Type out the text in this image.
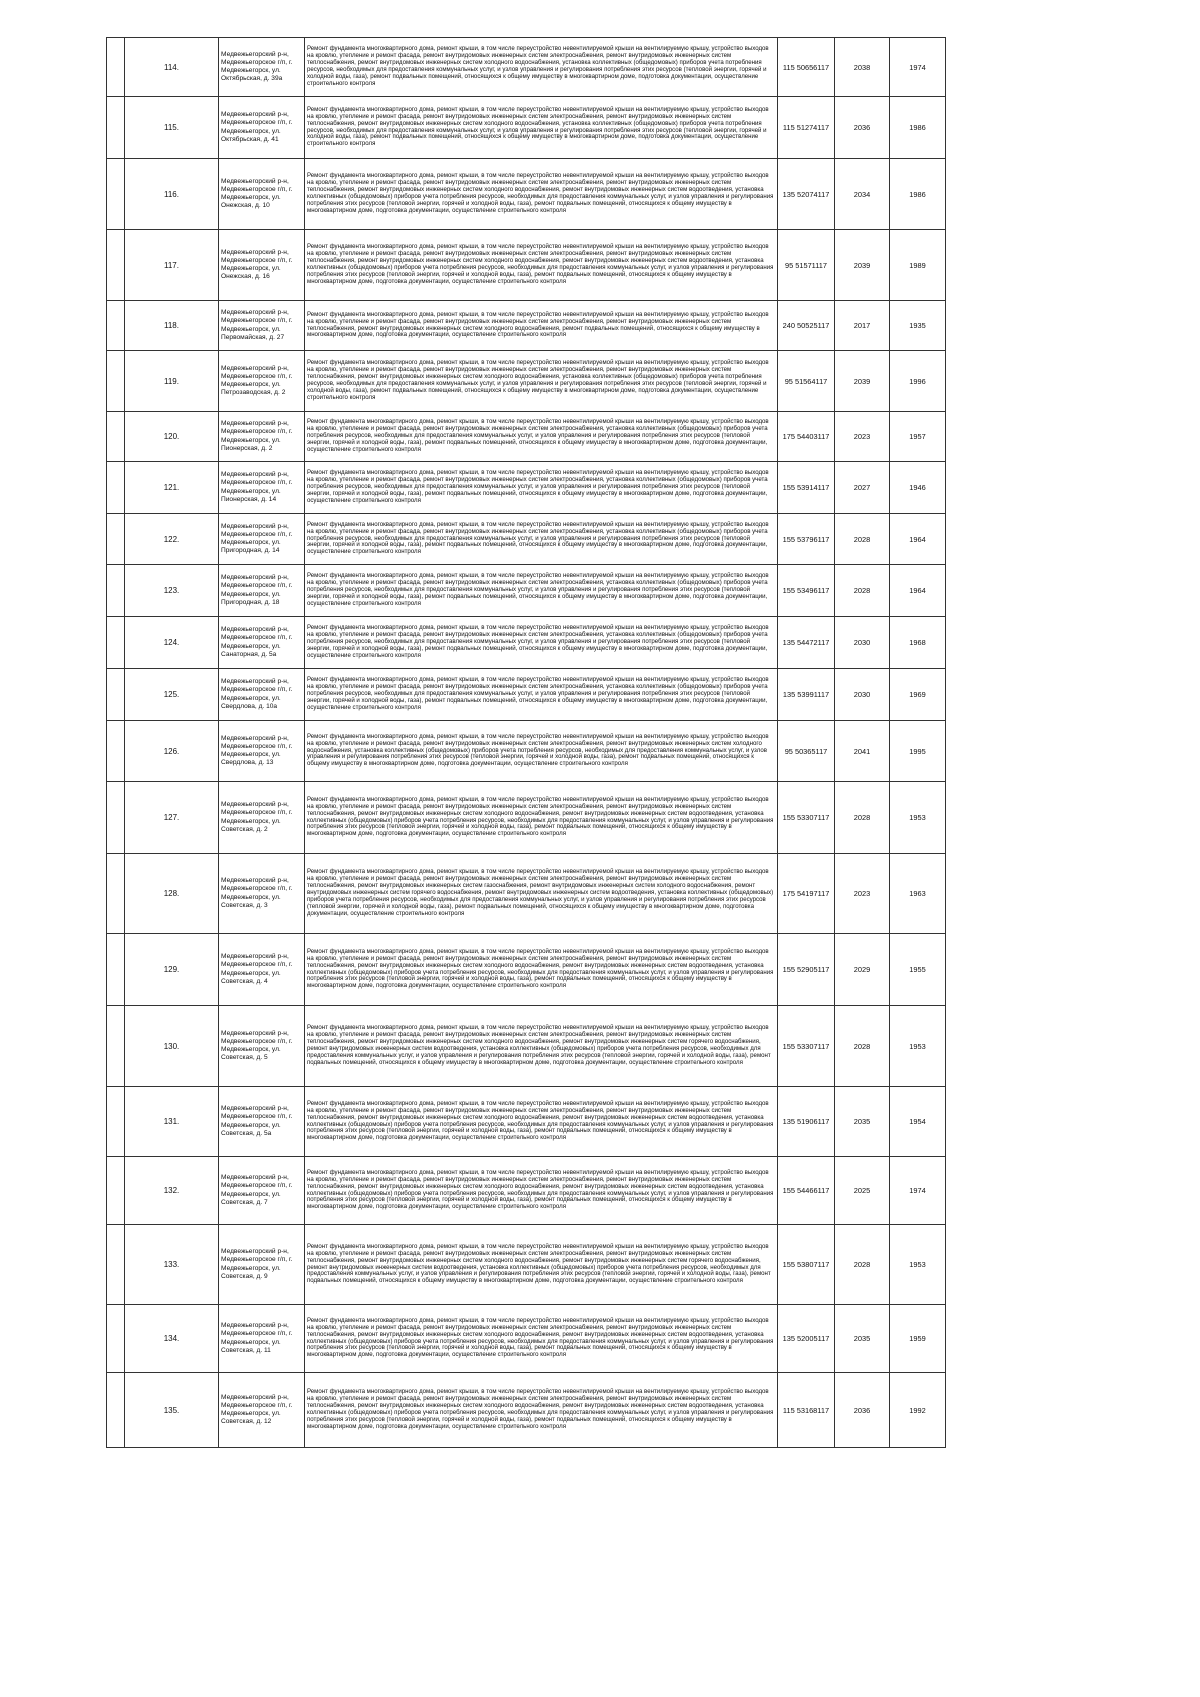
	114.	Медвежьегорский р-н, Медвежьегорское г/п, г. Медвежьегорск, ул. Октябрьская, д. 39а	Ремонт фундамента многоквартирного дома, ремонт крыши, в том числе переустройство невентилируемой крыши на вентилируемую крышу, устройство выходов на кровлю, утепление и ремонт фасада, ремонт внутридомовых инженерных систем электроснабжения, ремонт внутридомовых инженерных систем теплоснабжения, ремонт внутридомовых инженерных систем холодного водоснабжения, установка коллективных (общедомовых) приборов учета потребления ресурсов, необходимых для предоставления коммунальных услуг, и узлов управления и регулирования потребления этих ресурсов (тепловой энергии, горячей и холодной воды, газа), ремонт подвальных помещений, относящихся к общему имуществу в многоквартирном доме, подготовка документации, осуществление строительного контроля	115 50656117	2038	1974
	115.	Медвежьегорский р-н, Медвежьегорское г/п, г. Медвежьегорск, ул. Октябрьская, д. 41	Ремонт фундамента многоквартирного дома, ремонт крыши, в том числе переустройство невентилируемой крыши на вентилируемую крышу, устройство выходов на кровлю, утепление и ремонт фасада, ремонт внутридомовых инженерных систем электроснабжения, ремонт внутридомовых инженерных систем теплоснабжения, ремонт внутридомовых инженерных систем холодного водоснабжения, установка коллективных (общедомовых) приборов учета потребления ресурсов, необходимых для предоставления коммунальных услуг, и узлов управления и регулирования потребления этих ресурсов (тепловой энергии, горячей и холодной воды, газа), ремонт подвальных помещений, относящихся к общему имуществу в многоквартирном доме, подготовка документации, осуществление строительного контроля	115 51274117	2036	1986
	116.	Медвежьегорский р-н, Медвежьегорское г/п, г. Медвежьегорск, ул. Онежская, д. 10	Ремонт фундамента многоквартирного дома, ремонт крыши, в том числе переустройство невентилируемой крыши на вентилируемую крышу, устройство выходов на кровлю, утепление и ремонт фасада, ремонт внутридомовых инженерных систем электроснабжения, ремонт внутридомовых инженерных систем теплоснабжения, ремонт внутридомовых инженерных систем холодного водоснабжения, ремонт внутридомовых инженерных систем водоотведения, установка коллективных (общедомовых) приборов учета потребления ресурсов, необходимых для предоставления коммунальных услуг, и узлов управления и регулирования потребления этих ресурсов (тепловой энергии, горячей и холодной воды, газа), ремонт подвальных помещений, относящихся к общему имуществу в многоквартирном доме, подготовка документации, осуществление строительного контроля	135 52074117	2034	1986
	117.	Медвежьегорский р-н, Медвежьегорское г/п, г. Медвежьегорск, ул. Онежская, д. 16	Ремонт фундамента многоквартирного дома, ремонт крыши, в том числе переустройство невентилируемой крыши на вентилируемую крышу, устройство выходов на кровлю, утепление и ремонт фасада, ремонт внутридомовых инженерных систем электроснабжения, ремонт внутридомовых инженерных систем теплоснабжения, ремонт внутридомовых инженерных систем холодного водоснабжения, ремонт внутридомовых инженерных систем водоотведения, установка коллективных (общедомовых) приборов учета потребления ресурсов, необходимых для предоставления коммунальных услуг, и узлов управления и регулирования потребления этих ресурсов (тепловой энергии, горячей и холодной воды, газа), ремонт подвальных помещений, относящихся к общему имуществу в многоквартирном доме, подготовка документации, осуществление строительного контроля	95 51571117	2039	1989
	118.	Медвежьегорский р-н, Медвежьегорское г/п, г. Медвежьегорск, ул. Первомайская, д. 27	Ремонт фундамента многоквартирного дома, ремонт крыши, в том числе переустройство невентилируемой крыши на вентилируемую крышу, устройство выходов на кровлю, утепление и ремонт фасада, ремонт внутридомовых инженерных систем электроснабжения, ремонт внутридомовых инженерных систем теплоснабжения, ремонт внутридомовых инженерных систем холодного водоснабжения, ремонт подвальных помещений, относящихся к общему имуществу в многоквартирном доме, подготовка документации, осуществление строительного контроля	240 50525117	2017	1935
	119.	Медвежьегорский р-н, Медвежьегорское г/п, г. Медвежьегорск, ул. Петрозаводская, д. 2	Ремонт фундамента многоквартирного дома, ремонт крыши, в том числе переустройство невентилируемой крыши на вентилируемую крышу, устройство выходов на кровлю, утепление и ремонт фасада, ремонт внутридомовых инженерных систем электроснабжения, ремонт внутридомовых инженерных систем теплоснабжения, ремонт внутридомовых инженерных систем холодного водоснабжения, установка коллективных (общедомовых) приборов учета потребления ресурсов, необходимых для предоставления коммунальных услуг, и узлов управления и регулирования потребления этих ресурсов (тепловой энергии, горячей и холодной воды, газа), ремонт подвальных помещений, относящихся к общему имуществу в многоквартирном доме, подготовка документации, осуществление строительного контроля	95 51564117	2039	1996
	120.	Медвежьегорский р-н, Медвежьегорское г/п, г. Медвежьегорск, ул. Пионерская, д. 2	Ремонт фундамента многоквартирного дома, ремонт крыши, в том числе переустройство невентилируемой крыши на вентилируемую крышу, устройство выходов на кровлю, утепление и ремонт фасада, ремонт внутридомовых инженерных систем электроснабжения, установка коллективных (общедомовых) приборов учета потребления ресурсов, необходимых для предоставления коммунальных услуг, и узлов управления и регулирования потребления этих ресурсов (тепловой энергии, горячей и холодной воды, газа), ремонт подвальных помещений, относящихся к общему имуществу в многоквартирном доме, подготовка документации, осуществление строительного контроля	175 54403117	2023	1957
	121.	Медвежьегорский р-н, Медвежьегорское г/п, г. Медвежьегорск, ул. Пионерская, д. 14	Ремонт фундамента многоквартирного дома, ремонт крыши, в том числе переустройство невентилируемой крыши на вентилируемую крышу, устройство выходов на кровлю, утепление и ремонт фасада, ремонт внутридомовых инженерных систем электроснабжения, установка коллективных (общедомовых) приборов учета потребления ресурсов, необходимых для предоставления коммунальных услуг, и узлов управления и регулирования потребления этих ресурсов (тепловой энергии, горячей и холодной воды, газа), ремонт подвальных помещений, относящихся к общему имуществу в многоквартирном доме, подготовка документации, осуществление строительного контроля	155 53914117	2027	1946
	122.	Медвежьегорский р-н, Медвежьегорское г/п, г. Медвежьегорск, ул. Пригородная, д. 14	Ремонт фундамента многоквартирного дома, ремонт крыши, в том числе переустройство невентилируемой крыши на вентилируемую крышу, устройство выходов на кровлю, утепление и ремонт фасада, ремонт внутридомовых инженерных систем электроснабжения, установка коллективных (общедомовых) приборов учета потребления ресурсов, необходимых для предоставления коммунальных услуг, и узлов управления и регулирования потребления этих ресурсов (тепловой энергии, горячей и холодной воды, газа), ремонт подвальных помещений, относящихся к общему имуществу в многоквартирном доме, подготовка документации, осуществление строительного контроля	155 53796117	2028	1964
	123.	Медвежьегорский р-н, Медвежьегорское г/п, г. Медвежьегорск, ул. Пригородная, д. 18	Ремонт фундамента многоквартирного дома, ремонт крыши, в том числе переустройство невентилируемой крыши на вентилируемую крышу, устройство выходов на кровлю, утепление и ремонт фасада, ремонт внутридомовых инженерных систем электроснабжения, установка коллективных (общедомовых) приборов учета потребления ресурсов, необходимых для предоставления коммунальных услуг, и узлов управления и регулирования потребления этих ресурсов (тепловой энергии, горячей и холодной воды, газа), ремонт подвальных помещений, относящихся к общему имуществу в многоквартирном доме, подготовка документации, осуществление строительного контроля	155 53496117	2028	1964
	124.	Медвежьегорский р-н, Медвежьегорское г/п, г. Медвежьегорск, ул. Санаторная, д. 5а	Ремонт фундамента многоквартирного дома, ремонт крыши, в том числе переустройство невентилируемой крыши на вентилируемую крышу, устройство выходов на кровлю, утепление и ремонт фасада, ремонт внутридомовых инженерных систем электроснабжения, установка коллективных (общедомовых) приборов учета потребления ресурсов, необходимых для предоставления коммунальных услуг, и узлов управления и регулирования потребления этих ресурсов (тепловой энергии, горячей и холодной воды, газа), ремонт подвальных помещений, относящихся к общему имуществу в многоквартирном доме, подготовка документации, осуществление строительного контроля	135 54472117	2030	1968
	125.	Медвежьегорский р-н, Медвежьегорское г/п, г. Медвежьегорск, ул. Свердлова, д. 10а	Ремонт фундамента многоквартирного дома, ремонт крыши, в том числе переустройство невентилируемой крыши на вентилируемую крышу, устройство выходов на кровлю, утепление и ремонт фасада, ремонт внутридомовых инженерных систем электроснабжения, установка коллективных (общедомовых) приборов учета потребления ресурсов, необходимых для предоставления коммунальных услуг, и узлов управления и регулирования потребления этих ресурсов (тепловой энергии, горячей и холодной воды, газа), ремонт подвальных помещений, относящихся к общему имуществу в многоквартирном доме, подготовка документации, осуществление строительного контроля	135 53991117	2030	1969
	126.	Медвежьегорский р-н, Медвежьегорское г/п, г. Медвежьегорск, ул. Свердлова, д. 13	Ремонт фундамента многоквартирного дома, ремонт крыши, в том числе переустройство невентилируемой крыши на вентилируемую крышу, устройство выходов на кровлю, утепление и ремонт фасада, ремонт внутридомовых инженерных систем электроснабжения, ремонт внутридомовых инженерных систем холодного водоснабжения, установка коллективных (общедомовых) приборов учета потребления ресурсов, необходимых для предоставления коммунальных услуг, и узлов управления и регулирования потребления этих ресурсов (тепловой энергии, горячей и холодной воды, газа), ремонт подвальных помещений, относящихся к общему имуществу в многоквартирном доме, подготовка документации, осуществление строительного контроля	95 50365117	2041	1995
	127.	Медвежьегорский р-н, Медвежьегорское г/п, г. Медвежьегорск, ул. Советская, д. 2	Ремонт фундамента многоквартирного дома, ремонт крыши, в том числе переустройство невентилируемой крыши на вентилируемую крышу, устройство выходов на кровлю, утепление и ремонт фасада, ремонт внутридомовых инженерных систем электроснабжения, ремонт внутридомовых инженерных систем теплоснабжения, ремонт внутридомовых инженерных систем холодного водоснабжения, ремонт внутридомовых инженерных систем водоотведения, установка коллективных (общедомовых) приборов учета потребления ресурсов, необходимых для предоставления коммунальных услуг, и узлов управления и регулирования потребления этих ресурсов (тепловой энергии, горячей и холодной воды, газа), ремонт подвальных помещений, относящихся к общему имуществу в многоквартирном доме, подготовка документации, осуществление строительного контроля	155 53307117	2028	1953
	128.	Медвежьегорский р-н, Медвежьегорское г/п, г. Медвежьегорск, ул. Советская, д. 3	Ремонт фундамента многоквартирного дома, ремонт крыши, в том числе переустройство невентилируемой крыши на вентилируемую крышу, устройство выходов на кровлю, утепление и ремонт фасада, ремонт внутридомовых инженерных систем электроснабжения, ремонт внутридомовых инженерных систем теплоснабжения, ремонт внутридомовых инженерных систем газоснабжения, ремонт внутридомовых инженерных систем холодного водоснабжения, ремонт внутридомовых инженерных систем горячего водоснабжения, ремонт внутридомовых инженерных систем водоотведения, установка коллективных (общедомовых) приборов учета потребления ресурсов, необходимых для предоставления коммунальных услуг, и узлов управления и регулирования потребления этих ресурсов (тепловой энергии, горячей и холодной воды, газа), ремонт подвальных помещений, относящихся к общему имуществу в многоквартирном доме, подготовка документации, осуществление строительного контроля	175 54197117	2023	1963
	129.	Медвежьегорский р-н, Медвежьегорское г/п, г. Медвежьегорск, ул. Советская, д. 4	Ремонт фундамента многоквартирного дома, ремонт крыши, в том числе переустройство невентилируемой крыши на вентилируемую крышу, устройство выходов на кровлю, утепление и ремонт фасада, ремонт внутридомовых инженерных систем электроснабжения, ремонт внутридомовых инженерных систем теплоснабжения, ремонт внутридомовых инженерных систем холодного водоснабжения, ремонт внутридомовых инженерных систем водоотведения, установка коллективных (общедомовых) приборов учета потребления ресурсов, необходимых для предоставления коммунальных услуг, и узлов управления и регулирования потребления этих ресурсов (тепловой энергии, горячей и холодной воды, газа), ремонт подвальных помещений, относящихся к общему имуществу в многоквартирном доме, подготовка документации, осуществление строительного контроля	155 52905117	2029	1955
	130.	Медвежьегорский р-н, Медвежьегорское г/п, г. Медвежьегорск, ул. Советская, д. 5	Ремонт фундамента многоквартирного дома, ремонт крыши, в том числе переустройство невентилируемой крыши на вентилируемую крышу, устройство выходов на кровлю, утепление и ремонт фасада, ремонт внутридомовых инженерных систем электроснабжения, ремонт внутридомовых инженерных систем теплоснабжения, ремонт внутридомовых инженерных систем холодного водоснабжения, ремонт внутридомовых инженерных систем горячего водоснабжения, ремонт внутридомовых инженерных систем водоотведения, установка коллективных (общедомовых) приборов учета потребления ресурсов, необходимых для предоставления коммунальных услуг, и узлов управления и регулирования потребления этих ресурсов (тепловой энергии, горячей и холодной воды, газа), ремонт подвальных помещений, относящихся к общему имуществу в многоквартирном доме, подготовка документации, осуществление строительного контроля	155 53307117	2028	1953
	131.	Медвежьегорский р-н, Медвежьегорское г/п, г. Медвежьегорск, ул. Советская, д. 5а	Ремонт фундамента многоквартирного дома, ремонт крыши, в том числе переустройство невентилируемой крыши на вентилируемую крышу, устройство выходов на кровлю, утепление и ремонт фасада, ремонт внутридомовых инженерных систем электроснабжения, ремонт внутридомовых инженерных систем теплоснабжения, ремонт внутридомовых инженерных систем холодного водоснабжения, ремонт внутридомовых инженерных систем водоотведения, установка коллективных (общедомовых) приборов учета потребления ресурсов, необходимых для предоставления коммунальных услуг, и узлов управления и регулирования потребления этих ресурсов (тепловой энергии, горячей и холодной воды, газа), ремонт подвальных помещений, относящихся к общему имуществу в многоквартирном доме, подготовка документации, осуществление строительного контроля	135 51906117	2035	1954
	132.	Медвежьегорский р-н, Медвежьегорское г/п, г. Медвежьегорск, ул. Советская, д. 7	Ремонт фундамента многоквартирного дома, ремонт крыши, в том числе переустройство невентилируемой крыши на вентилируемую крышу, устройство выходов на кровлю, утепление и ремонт фасада, ремонт внутридомовых инженерных систем электроснабжения, ремонт внутридомовых инженерных систем теплоснабжения, ремонт внутридомовых инженерных систем холодного водоснабжения, ремонт внутридомовых инженерных систем водоотведения, установка коллективных (общедомовых) приборов учета потребления ресурсов, необходимых для предоставления коммунальных услуг, и узлов управления и регулирования потребления этих ресурсов (тепловой энергии, горячей и холодной воды, газа), ремонт подвальных помещений, относящихся к общему имуществу в многоквартирном доме, подготовка документации, осуществление строительного контроля	155 54466117	2025	1974
	133.	Медвежьегорский р-н, Медвежьегорское г/п, г. Медвежьегорск, ул. Советская, д. 9	Ремонт фундамента многоквартирного дома, ремонт крыши, в том числе переустройство невентилируемой крыши на вентилируемую крышу, устройство выходов на кровлю, утепление и ремонт фасада, ремонт внутридомовых инженерных систем электроснабжения, ремонт внутридомовых инженерных систем теплоснабжения, ремонт внутридомовых инженерных систем холодного водоснабжения, ремонт внутридомовых инженерных систем горячего водоснабжения, ремонт внутридомовых инженерных систем водоотведения, установка коллективных (общедомовых) приборов учета потребления ресурсов, необходимых для предоставления коммунальных услуг, и узлов управления и регулирования потребления этих ресурсов (тепловой энергии, горячей и холодной воды, газа), ремонт подвальных помещений, относящихся к общему имуществу в многоквартирном доме, подготовка документации, осуществление строительного контроля	155 53807117	2028	1953
	134.	Медвежьегорский р-н, Медвежьегорское г/п, г. Медвежьегорск, ул. Советская, д. 11	Ремонт фундамента многоквартирного дома, ремонт крыши, в том числе переустройство невентилируемой крыши на вентилируемую крышу, устройство выходов на кровлю, утепление и ремонт фасада, ремонт внутридомовых инженерных систем электроснабжения, ремонт внутридомовых инженерных систем теплоснабжения, ремонт внутридомовых инженерных систем холодного водоснабжения, ремонт внутридомовых инженерных систем водоотведения, установка коллективных (общедомовых) приборов учета потребления ресурсов, необходимых для предоставления коммунальных услуг, и узлов управления и регулирования потребления этих ресурсов (тепловой энергии, горячей и холодной воды, газа), ремонт подвальных помещений, относящихся к общему имуществу в многоквартирном доме, подготовка документации, осуществление строительного контроля	135 52005117	2035	1959
	135.	Медвежьегорский р-н, Медвежьегорское г/п, г. Медвежьегорск, ул. Советская, д. 12	Ремонт фундамента многоквартирного дома, ремонт крыши, в том числе переустройство невентилируемой крыши на вентилируемую крышу, устройство выходов на кровлю, утепление и ремонт фасада, ремонт внутридомовых инженерных систем электроснабжения, ремонт внутридомовых инженерных систем теплоснабжения, ремонт внутридомовых инженерных систем холодного водоснабжения, ремонт внутридомовых инженерных систем водоотведения, установка коллективных (общедомовых) приборов учета потребления ресурсов, необходимых для предоставления коммунальных услуг, и узлов управления и регулирования потребления этих ресурсов (тепловой энергии, горячей и холодной воды, газа), ремонт подвальных помещений, относящихся к общему имуществу в многоквартирном доме, подготовка документации, осуществление строительного контроля	115 53168117	2036	1992
